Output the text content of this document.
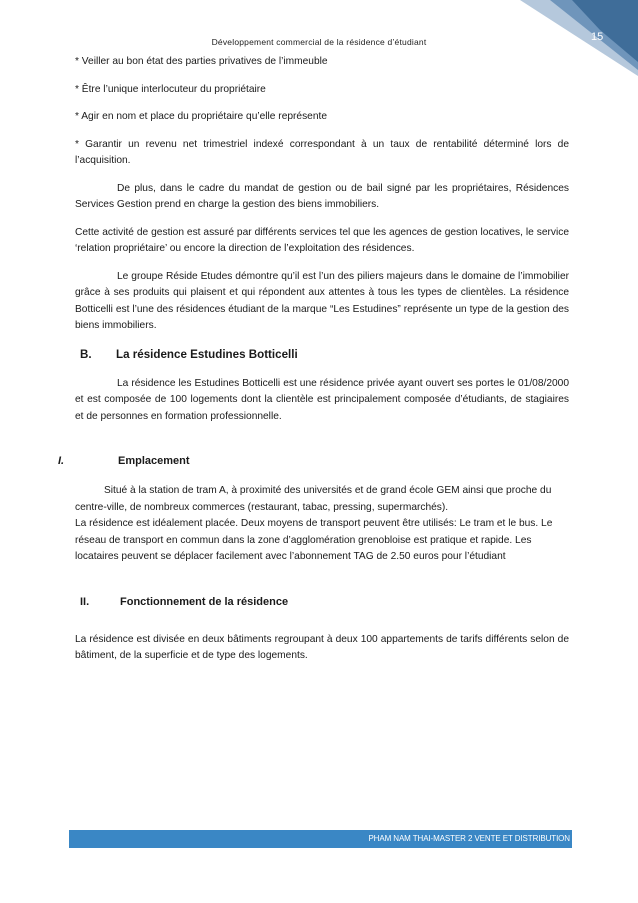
Développement commercial de la résidence d’étudiant	15

* Veiller au bon état des parties privatives de l’immeuble

* Être l’unique interlocuteur du propriétaire

* Agir en nom et place du propriétaire qu’elle représente

* Garantir un revenu net trimestriel indexé correspondant à un taux de rentabilité déterminé lors de l’acquisition.

De plus, dans le cadre du mandat de gestion ou de bail signé par les propriétaires, Résidences Services Gestion prend en charge la gestion des biens immobiliers.

Cette activité de gestion est assuré par différents services tel que les agences de gestion locatives, le service ‘relation propriétaire’ ou encore la direction de l’exploitation des résidences.

Le groupe Réside Etudes démontre qu’il est l’un des piliers majeurs dans le domaine de l’immobilier grâce à ses produits qui plaisent et qui répondent aux attentes à tous les types de clientèles. La résidence Botticelli est l’une des résidences étudiant de la marque “Les Estudines” représente un type de la gestion des biens immobiliers.

B. La résidence Estudines Botticelli

La résidence les Estudines Botticelli est une résidence privée ayant ouvert ses portes le 01/08/2000 et est composée de 100 logements dont la clientèle est principalement composée d’étudiants, de stagiaires et de personnes en formation professionnelle.

I.	Emplacement

Situé à la station de tram A, à proximité des universités et de grand école GEM ainsi que proche du centre-ville, de nombreux commerces (restaurant, tabac, pressing, supermarchés).

La résidence est idéalement placée. Deux moyens de transport peuvent être utilisés: Le tram et le bus. Le réseau de transport en commun dans la zone d’agglomération grenobloise est pratique et rapide. Les locataires peuvent se déplacer facilement avec l’abonnement TAG de 2.50 euros pour l’étudiant

II.	Fonctionnement de la résidence

La résidence est divisée en deux bâtiments regroupant à deux 100 appartements de tarifs différents selon de bâtiment, de la superficie et de type des logements.

PHAM NAM THAI-MASTER 2 VENTE ET DISTRIBUTION
